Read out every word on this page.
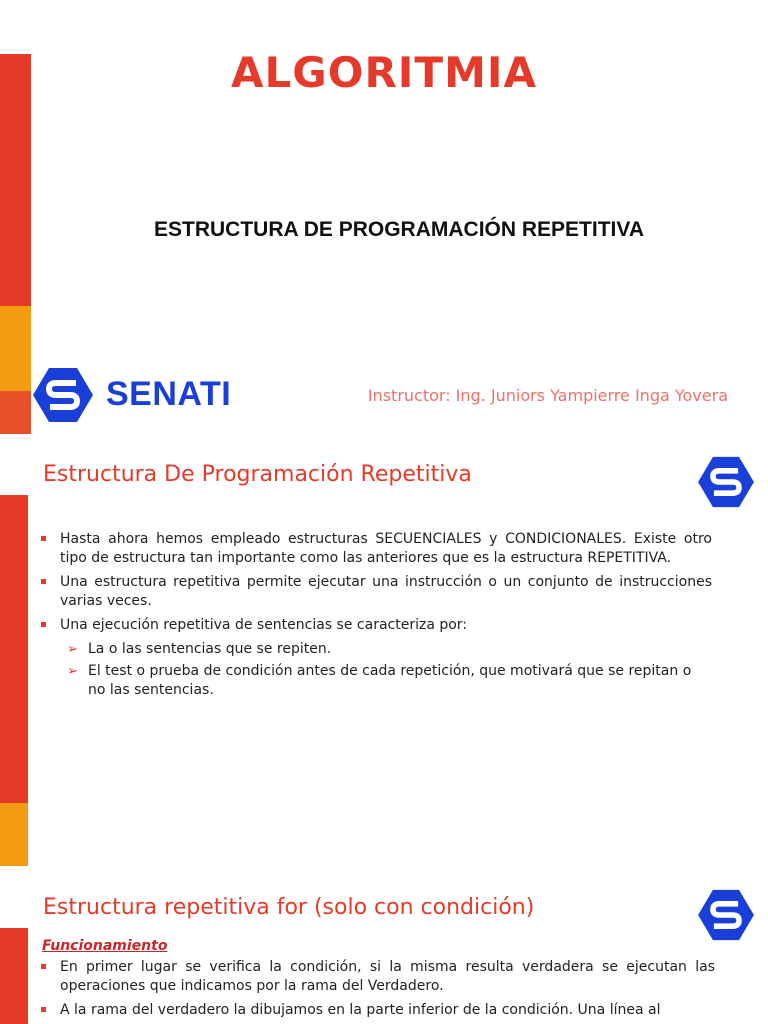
ALGORITMIA
ESTRUCTURA DE PROGRAMACIÓN REPETITIVA
SENATI	Instructor: Ing. Juniors Yampierre Inga Yovera
Estructura De Programación Repetitiva
Hasta ahora hemos empleado estructuras SECUENCIALES y CONDICIONALES. Existe otro tipo de estructura tan importante como las anteriores que es la estructura REPETITIVA.
Una estructura repetitiva permite ejecutar una instrucción o un conjunto de instrucciones varias veces.
Una ejecución repetitiva de sentencias se caracteriza por:
➢ La o las sentencias que se repiten.
➢ El test o prueba de condición antes de cada repetición, que motivará que se repitan o no las sentencias.
Estructura repetitiva for (solo con condición)
Funcionamiento
En primer lugar se verifica la condición, si la misma resulta verdadera se ejecutan las operaciones que indicamos por la rama del Verdadero.
A la rama del verdadero la dibujamos en la parte inferior de la condición. Una línea al
